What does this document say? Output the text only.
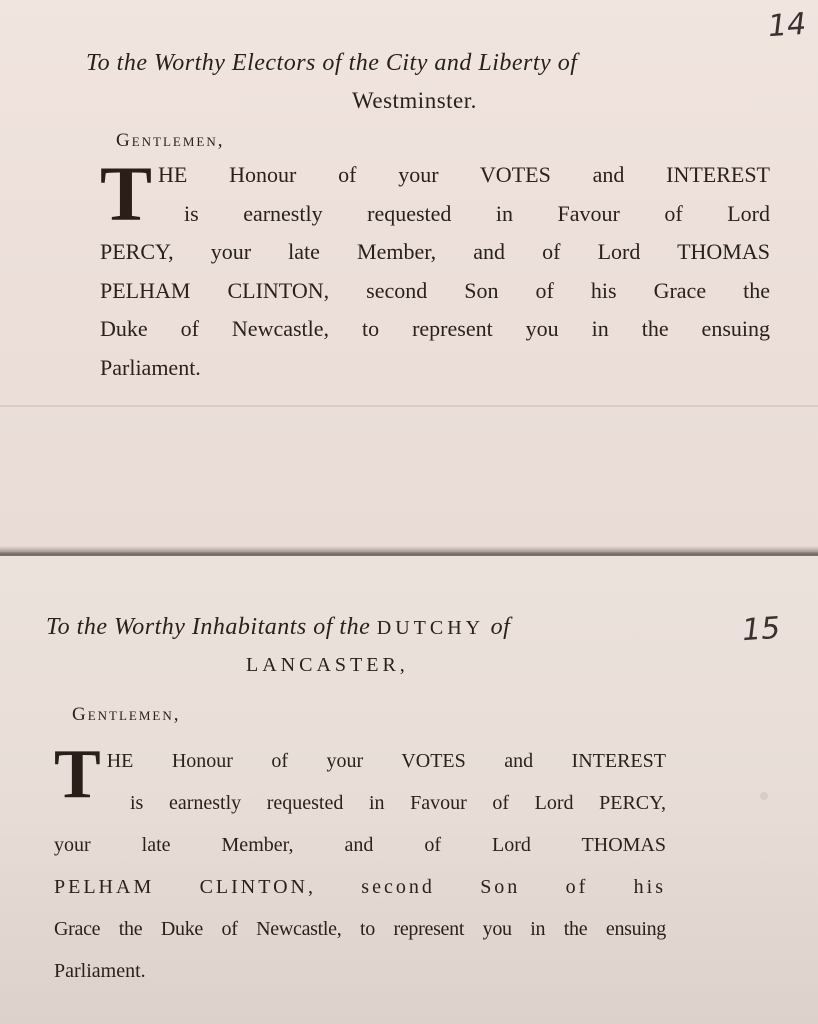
14
15
To the Worthy Electors of the City and Liberty of
Westminster.
Gentlemen,
T HE Honour of your VOTES and INTEREST
is earnestly requested in Favour of Lord
PERCY, your late Member, and of Lord THOMAS
PELHAM CLINTON, second Son of his Grace the
Duke of Newcastle, to represent you in the ensuing
Parliament.
To the Worthy Inhabitants of the DUTCHY of
LANCASTER,
Gentlemen,
T HE Honour of your VOTES and INTEREST
is earnestly requested in Favour of Lord PERCY,
your late Member, and of Lord THOMAS
PELHAM CLINTON, second Son of his
Grace the Duke of Newcastle, to represent you in the ensuing
Parliament.
